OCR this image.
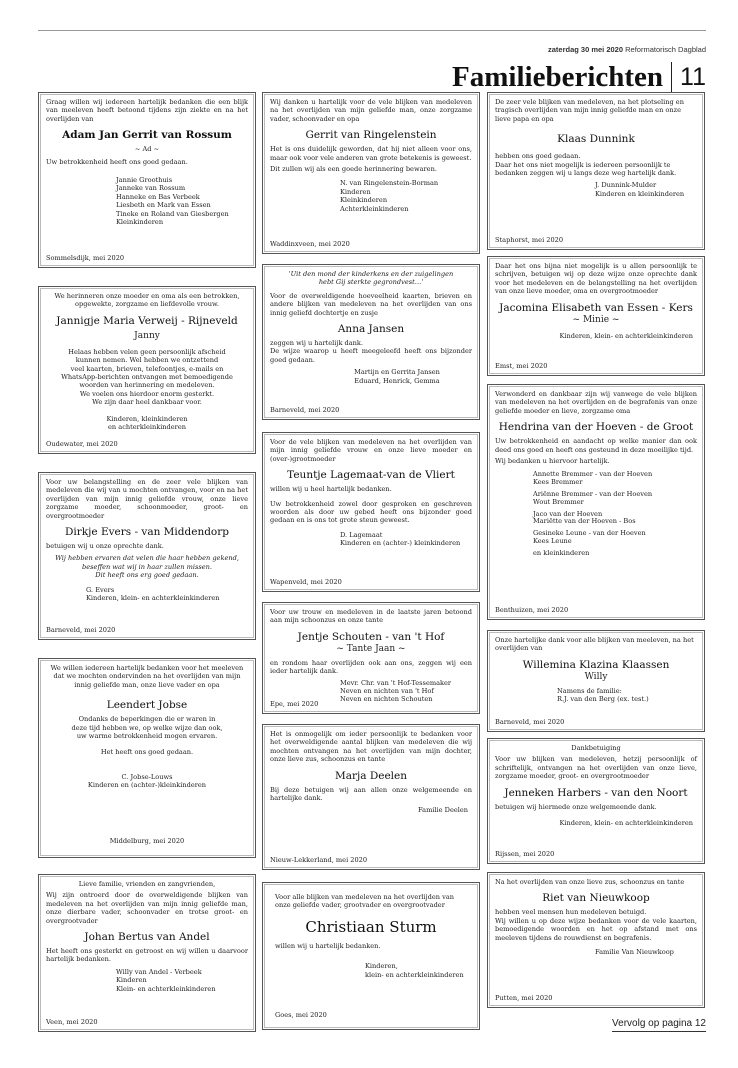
zaterdag 30 mei 2020 Reformatorisch Dagblad
Familieberichten 11

Graag willen wij iedereen hartelijk bedanken die een blijk van meeleven heeft betoond tijdens zijn ziekte en na het overlijden van

Adam Jan Gerrit van Rossum
~ Ad ~

Uw betrokkenheid heeft ons goed gedaan.

Jannie Groothuis
Janneke van Rossum
Hanneke en Bas Verbeek
Liesbeth en Mark van Essen
Tineke en Roland van Giesbergen
Kleinkinderen
Sommelsdijk, mei 2020

We herinneren onze moeder en oma als een betrokken, opgewekte, zorgzame en liefdevolle vrouw.

Jannigje Maria Verweij - Rijneveld
Janny
Helaas hebben velen geen persoonlijk afscheid
kunnen nemen. Wel hebben we ontzettend
veel kaarten, brieven, telefoontjes, e-mails en
WhatsApp-berichten ontvangen met bemoedigende
woorden van herinnering en medeleven.
We voelen ons hierdoor enorm gesterkt.
We zijn daar heel dankbaar voor.
Kinderen, kleinkinderen
en achterkleinkinderen
Oudewater, mei 2020

Voor uw belangstelling en de zeer vele blijken van medeleven die wij van u mochten ontvangen, voor en na het overlijden van mijn innig geliefde vrouw, onze lieve zorgzame moeder, schoonmoeder, groot- en overgrootmoeder

Dirkje Evers - van Middendorp

betuigen wij u onze oprechte dank.

Wij hebben ervaren dat velen die haar hebben gekend,
beseffen wat wij in haar zullen missen.
Dit heeft ons erg goed gedaan.
G. Evers
Kinderen, klein- en achterkleinkinderen
Barneveld, mei 2020

We willen iedereen hartelijk bedanken voor het meeleven dat we mochten ondervinden na het overlijden van mijn innig geliefde man, onze lieve vader en opa

Leendert Jobse
Ondanks de beperkingen die er waren in
deze tijd hebben we, op welke wijze dan ook,
uw warme betrokkenheid mogen ervaren.

Het heeft ons goed gedaan.

C. Jobse-Louws
Kinderen en (achter-)kleinkinderen
Middelburg, mei 2020

Lieve familie, vrienden en zangvrienden,

Wij zijn ontroerd door de overweldigende blijken van medeleven na het overlijden van mijn innig geliefde man, onze dierbare vader, schoonvader en trotse groot- en overgrootvader

Johan Bertus van Andel

Het heeft ons gesterkt en getroost en wij willen u daarvoor hartelijk bedanken.

Willy van Andel - Verbeek
Kinderen
Klein- en achterkleinkinderen
Veen, mei 2020

Wij danken u hartelijk voor de vele blijken van medeleven na het overlijden van mijn geliefde man, onze zorgzame vader, schoonvader en opa

Gerrit van Ringelenstein

Het is ons duidelijk geworden, dat hij niet alleen voor ons, maar ook voor vele anderen van grote betekenis is geweest.

Dit zullen wij als een goede herinnering bewaren.

N. van Ringelenstein-Borman
Kinderen
Kleinkinderen
Achterkleinkinderen
Waddinxveen, mei 2020
'Uit den mond der kinderkens en der zuigelingen
hebt Gij sterkte gegrondvest…'

Voor de overweldigende hoeveelheid kaarten, brieven en andere blijken van medeleven na het overlijden van ons innig geliefd dochtertje en zusje

Anna Jansen

zeggen wij u hartelijk dank.

De wijze waarop u heeft meegeleefd heeft ons bijzonder goed gedaan.

Martijn en Gerrita Jansen
Eduard, Henrick, Gemma
Barneveld, mei 2020

Voor de vele blijken van medeleven na het overlijden van mijn innig geliefde vrouw en onze lieve moeder en (over-)grootmoeder

Teuntje Lagemaat-van de Vliert

willen wij u heel hartelijk bedanken.

Uw betrokkenheid zowel door gesproken en geschreven woorden als door uw gebed heeft ons bijzonder goed gedaan en is ons tot grote steun geweest.

D. Lagemaat
Kinderen en (achter-) kleinkinderen
Wapenveld, mei 2020

Voor uw trouw en medeleven in de laatste jaren betoond aan mijn schoonzus en onze tante

Jentje Schouten - van 't Hof
~ Tante Jaan ~

en rondom haar overlijden ook aan ons, zeggen wij een ieder hartelijk dank.

Mevr. Chr. van 't Hof-Tessemaker
Neven en nichten van 't Hof
Neven en nichten Schouten
Epe, mei 2020

Het is onmogelijk om ieder persoonlijk te bedanken voor het overweldigende aantal blijken van medeleven die wij mochten ontvangen na het overlijden van mijn dochter, onze lieve zus, schoonzus en tante

Marja Deelen

Bij deze betuigen wij aan allen onze welgemeende en hartelijke dank.

Familie Deelen
Nieuw-Lekkerland, mei 2020

Voor alle blijken van medeleven na het overlijden van onze geliefde vader, grootvader en overgrootvader

Christiaan Sturm

willen wij u hartelijk bedanken.

Kinderen,
klein- en achterkleinkinderen
Goes, mei 2020

De zeer vele blijken van medeleven, na het plotseling en tragisch overlijden van mijn innig geliefde man en onze lieve papa en opa

Klaas Dunnink

hebben ons goed gedaan.

Daar het ons niet mogelijk is iedereen persoonlijk te bedanken zeggen wij u langs deze weg hartelijk dank.

J. Dunnink-Mulder
Kinderen en kleinkinderen
Staphorst, mei 2020

Daar het ons bijna niet mogelijk is u allen persoonlijk te schrijven, betuigen wij op deze wijze onze oprechte dank voor het medeleven en de belangstelling na het overlijden van onze lieve moeder, oma en overgrootmoeder

Jacomina Elisabeth van Essen - Kers
~ Minie ~
Kinderen, klein- en achterkleinkinderen
Emst, mei 2020

Verwonderd en dankbaar zijn wij vanwege de vele blijken van medeleven na het overlijden en de begrafenis van onze geliefde moeder en lieve, zorgzame oma

Hendrina van der Hoeven - de Groot

Uw betrokkenheid en aandacht op welke manier dan ook deed ons goed en heeft ons gesteund in deze moeilijke tijd.

Wij bedanken u hiervoor hartelijk.

Annette Bremmer - van der Hoeven
Kees Bremmer
Ariënne Bremmer - van der Hoeven
Wout Bremmer
Jaco van der Hoeven
Mariëtte van der Hoeven - Bos
Gesineke Leune - van der Hoeven
Kees Leune
en kleinkinderen
Benthuizen, mei 2020

Onze hartelijke dank voor alle blijken van meeleven, na het overlijden van

Willemina Klazina Klaassen
Willy
Namens de familie:
R.J. van den Berg (ex. test.)
Barneveld, mei 2020
Dankbetuiging

Voor uw blijken van medeleven, hetzij persoonlijk of schriftelijk, ontvangen na het overlijden van onze lieve, zorgzame moeder, groot- en overgrootmoeder

Jenneken Harbers - van den Noort

betuigen wij hiermede onze welgemeende dank.

Kinderen, klein- en achterkleinkinderen
Rijssen, mei 2020

Na het overlijden van onze lieve zus, schoonzus en tante

Riet van Nieuwkoop

hebben veel mensen hun medeleven betuigd.

Wij willen u op deze wijze bedanken voor de vele kaarten, bemoedigende woorden en het op afstand met ons meeleven tijdens de rouwdienst en begrafenis.

Familie Van Nieuwkoop
Putten, mei 2020
Vervolg op pagina 12
